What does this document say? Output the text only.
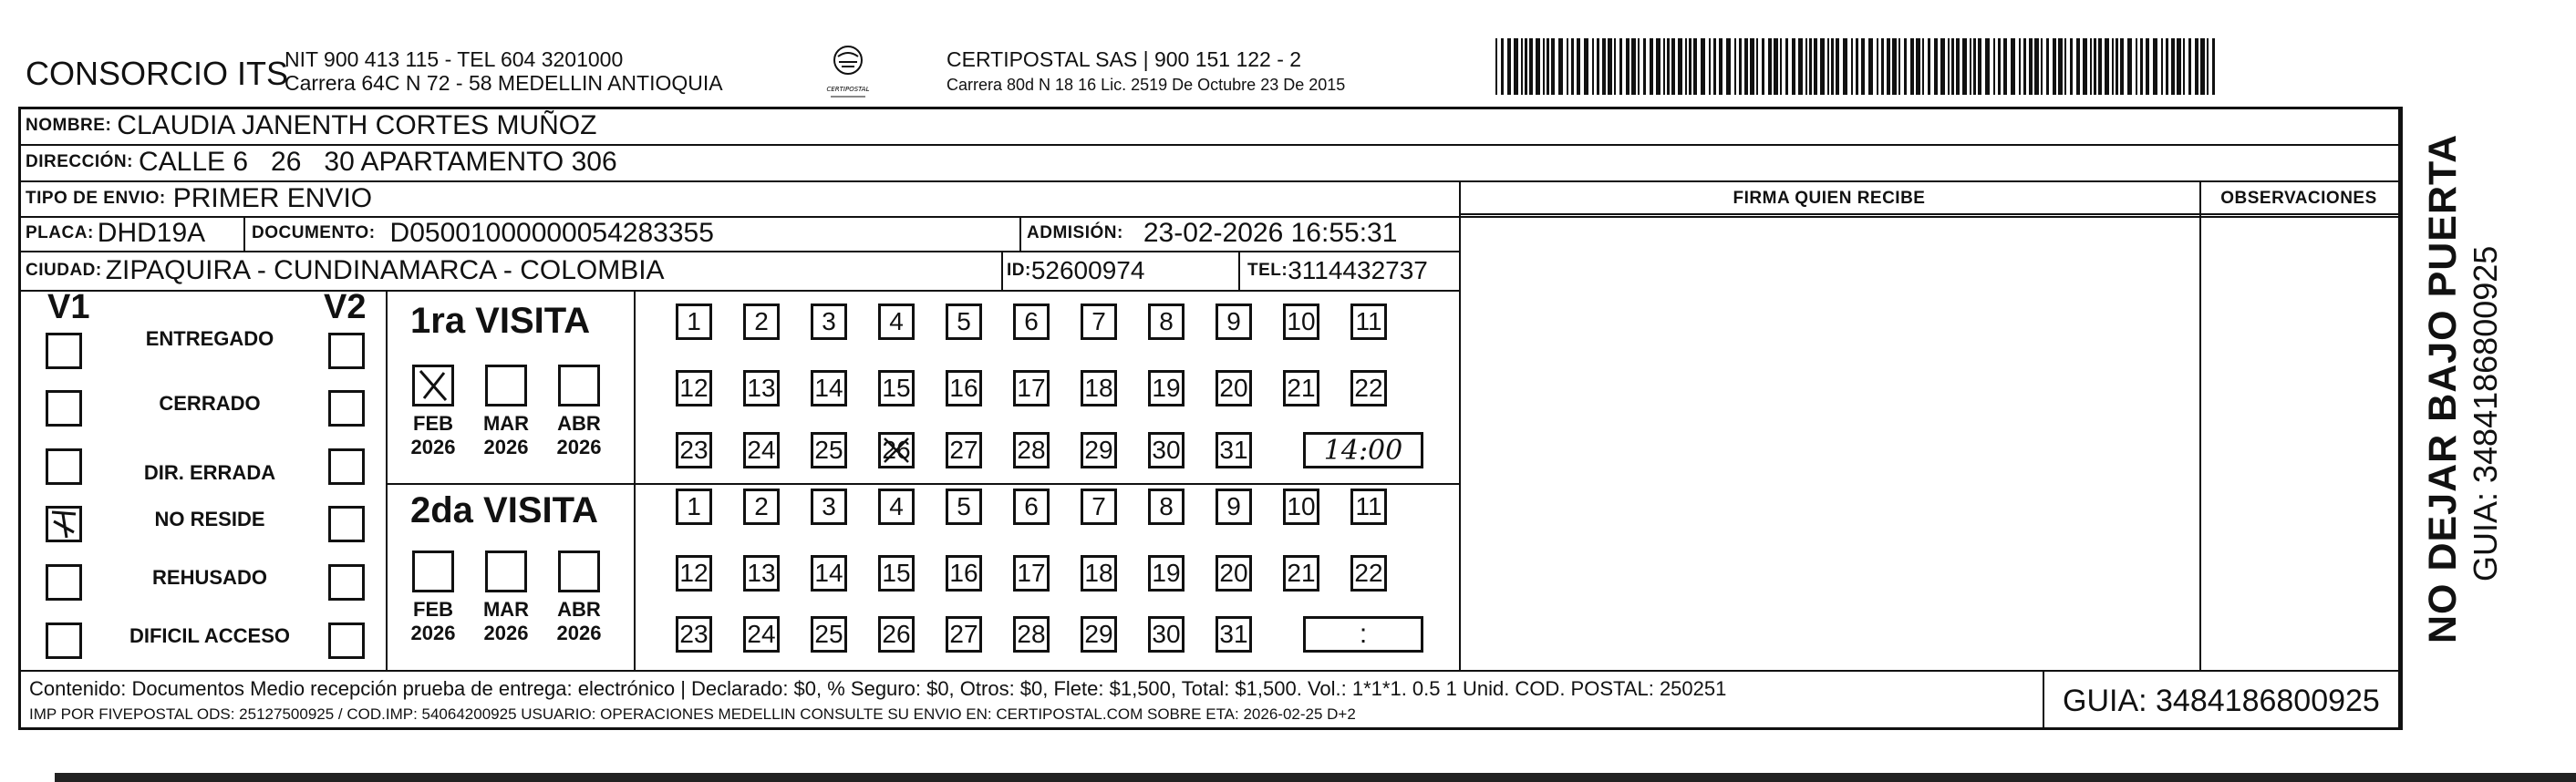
CONSORCIO ITS
NIT 900 413 115 - TEL 604 3201000
Carrera 64C N 72 - 58 MEDELLIN ANTIOQUIA	CERTIPOSTAL
CERTIPOSTAL SAS | 900 151 122 - 2
Carrera 80d N 18 16 Lic. 2519 De Octubre 23 De 2015
NOMBRE: CLAUDIA JANENTH CORTES MUÑOZ
DIRECCIÓN: CALLE 6   26   30 APARTAMENTO 306
TIPO DE ENVIO: PRIMER ENVIO	FIRMA QUIEN RECIBE	OBSERVACIONES
PLACA: DHD19A	DOCUMENTO: D05001000000054283355	ADMISIÓN: 23-02-2026 16:55:31
CIUDAD: ZIPAQUIRA - CUNDINAMARCA - COLOMBIA	ID: 52600974	TEL: 3114432737
V1	V2
ENTREGADO
CERRADO
DIR. ERRADA
NO RESIDE
REHUSADO
DIFICIL ACCESO
1ra VISITA
2da VISITA
FEB
2026
MAR
2026
ABR
2026
FEB
2026
MAR
2026
ABR
2026
1	2	3	4	5	6	7	8	9	10 11
12 13 14 15 16 17 18 19 20 21 22
23 24 25 26 27 28 29 30 31
1	2	3	4	5	6	7	8	9	10 11
12 13 14 15 16 17 18 19 20 21 22
23 24 25 26 27 28 29 30 31
14:00
:	NO DEJAR BAJO PUERTA GUIA: 3484186800925
Contenido: Documentos Medio recepción prueba de entrega: electrónico | Declarado: $0, % Seguro: $0, Otros: $0, Flete: $1,500, Total: $1,500. Vol.: 1*1*1. 0.5 1 Unid. COD. POSTAL: 250251
IMP POR FIVEPOSTAL ODS: 25127500925 / COD.IMP: 54064200925 USUARIO: OPERACIONES MEDELLIN CONSULTE SU ENVIO EN: CERTIPOSTAL.COM SOBRE ETA: 2026-02-25 D+2	GUIA: 3484186800925
